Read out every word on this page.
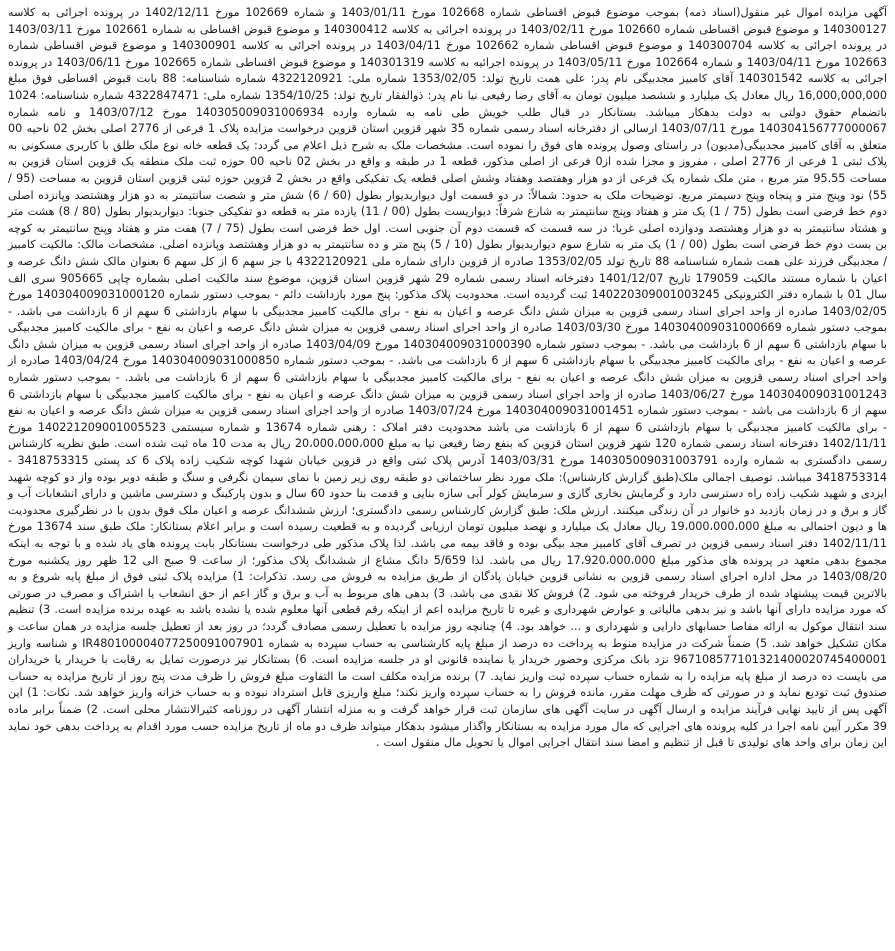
آگهی مزایده اموال غیر منقول(اسناد ذمه) بموجب موضوع قبوض اقساطی شماره 102668 مورخ 1403/01/11 و شماره 102669 مورخ 1402/12/11 در پرونده اجرائی به کلاسه 140300127 و موضوع قبوض اقساطی شماره 102660 مورخ 1403/02/11 در پرونده اجرائی به کلاسه 140300412 و موضوع قبوض اقساطی به شماره 102661 مورخ 1403/03/11 در پرونده اجرائی به کلاسه 140300704 و موضوع قبوض اقساطی شماره 102662 مورخ 1403/04/11 در پرونده اجرائی به کلاسه 140300901 و موضوع قبوض اقساطی شماره 102663 مورخ 1403/04/11 و شماره 102664 مورخ 1403/05/11 در پرونده اجرائیه به کلاسه 140301319 و موضوع قبوض اقساطی شماره 102665 مورخ 1403/06/11 در پرونده اجرائی به کلاسه 140301542 آقای کامبیز مجدبیگی نام پدر: علی همت تاریخ تولد: 1353/02/05 شماره ملی: 4322120921 شماره شناسنامه: 88 بابت قبوض اقساطی فوق مبلغ 16,000,000,000 ریال معادل یک میلیارد و ششصد میلیون تومان به آقای رضا رفیعی نیا نام پدر: ذوالفقار تاریخ تولد: 1354/10/25 شماره ملی: 4322847471 شماره شناسنامه: 1024 باتضمام حقوق دولتی به دولت بدهکار میباشد. بستانکار در قبال طلب خویش طی نامه به شماره وارده 140305009031006934 مورخ 1403/07/12 و نامه شماره 140304156777000067 مورخ 1403/07/11 ارسالی از دفترخانه اسناد رسمی شماره 35 شهر قزوین استان قزوین درخواست مزایده پلاک 1 فرعی از 2776 اصلی بخش 02 ناحیه 00 متعلق به آقای کامبیز مجدبیگی(مدیون) در راستای وصول پرونده های فوق را نموده است. مشخصات ملک به شرح ذیل اعلام می گردد: یک قطعه خانه نوع ملک طلق با کاربری مسکونی به پلاک ثبتی 1 فرعی از 2776 اصلی ، مفروز و مجزا شده از0 فرعی از اصلی مذکور، قطعه 1 در طبقه و واقع در بخش 02 ناحیه 00 حوزه ثبت ملک منطقه یک قزوین استان قزوین به مساحت 95.55 متر مربع ، متن ملک شماره یک فرعی از دو هزار وهفتصد وهفتاد وشش اصلی قطعه یک تفکیکی واقع در بخش 2 قزوین حوزه ثبتی قزوین استان قزوین به مساحت (95 / 55) نود وپنج متر و پنجاه وپنج دسیمتر مربع. توضیحات ملک به حدود: شمالاً: در دو قسمت اول دیواربدیوار بطول (60 / 6) شش متر و شصت سانتیمتر به دو هزار وهشتصد وپانزده اصلی دوم خط فرضی است بطول (75 / 1) یک متر و هفتاد وپنج سانتیمتر به شارع شرقاً: دیواریست بطول (00 / 11) یازده متر به قطعه دو تفکیکی جنوبا: دیواربدیوار بطول (80 / 8) هشت متر و هشتاد سانتیمتر به دو هزار وهشتصد ودوازده اصلی غربا: در سه قسمت که قسمت دوم آن جنوبی است. اول خط فرضی است بطول (75 / 7) هفت متر و هفتاد وپنج سانتیمتر به کوچه بن بست دوم خط فرضی است بطول (00 / 1) یک متر به شارع سوم دیواربدیوار بطول (10 / 5) پنج متر و ده سانتیمتر به دو هزار وهشتصد وپانزده اصلی. مشخصات مالک: مالکیت کامبیز / مجدبیگی فرزند علی همت شماره شناسنامه 88 تاریخ تولد 1353/02/05 صادره از قزوین دارای شماره ملی 4322120921 با جز سهم 6 از کل سهم 6 بعنوان مالک شش دانگ عرصه و اعیان با شماره مستند مالکیت 179059 تاریخ 1401/12/07 دفترخانه اسناد رسمی شماره 29 شهر قزوین استان قزوین، موضوع سند مالکیت اصلی بشماره چاپی 905665 سری الف سال 01 با شماره دفتر الکترونیکی 140220309001003245 ثبت گردیده است. محدودیت پلاک مذکور: پنج مورد بازداشت دائم - بموجب دستور شماره 140304009031000120 مورخ 1403/02/05 صادره از واحد اجرای اسناد رسمی قزوین به میزان شش دانگ عرصه و اعیان به نفع - برای مالکیت کامبیز مجدبیگی با سهام بازداشتی 6 سهم از 6 بازداشت می باشد. - بموجب دستور شماره 140304009031000669 مورخ 1403/03/30 صادره از واحد اجرای اسناد رسمی قزوین به میزان شش دانگ عرصه و اعیان به نفع - برای مالکیت کامبیز مجدبیگی با سهام بازداشتی 6 سهم از 6 بازداشت می باشد. - بموجب دستور شماره 140304009031000390 مورخ 1403/04/09 صادره از واحد اجرای اسناد رسمی قزوین به میزان شش دانگ عرصه و اعیان به نفع - برای مالکیت کامبیز مجدبیگی با سهام بازداشتی 6 سهم از 6 بازداشت می باشد. - بموجب دستور شماره 140304009031000850 مورخ 1403/04/24 صادره از واحد اجرای اسناد رسمی قزوین به میزان شش دانگ عرصه و اعیان به نفع - برای مالکیت کامبیز مجدبیگی با سهام بازداشتی 6 سهم از 6 بازداشت می باشد. - بموجب دستور شماره 140304009031001243 مورخ 1403/06/27 صادره از واحد اجرای اسناد رسمی قزوین به میزان شش دانگ عرصه و اعیان به نفع - برای مالکیت کامبیز مجدبیگی با سهام بازداشتی 6 سهم از 6 بازداشت می باشد - بموجب دستور شماره 140304009031001451 مورخ 1403/07/24 صادره از واحد اجرای اسناد رسمی قزوین به میزان شش دانگ عرصه و اعیان به نفع - برای مالکیت کامبیز مجدبیگی با سهام بازداشتی 6 سهم از 6 بازداشت می باشد محدودیت دفتر املاک : رهنی شماره 13674 و شماره سیستمی 140221209001005523 مورخ 1402/11/11 دفترخانه اسناد رسمی شماره 120 شهر قزوین استان قزوین که بنفع رضا رفیعی نیا به مبلغ 20،000،000،000 ریال به مدت 10 ماه ثبت شده است. طبق نظریه کارشناس رسمی دادگستری به شماره وارده 140305009031003791 مورخ 1403/03/31 آدرس پلاک ثبتی واقع در قزوین خیابان شهدا کوچه شکیب زاده پلاک 6 کد پستی 3418753315 - 3418753314 میباشد. توصیف اجمالی ملک(طبق گزارش کارشناس): ملک مورد نظر ساختمانی دو طبقه روی زیر زمین با نمای سیمان نگرفی و سنگ و طبقه دوبر بوده واز دو کوچه شهید ایزدی و شهید شکیب زاده راه دسترسی دارد و گرمایش بخاری گازی و سرمایش کولر آبی سازه بنایی و قدمت بنا حدود 60 سال و بدون پارکینگ و دسترسی ماشین و دارای انشعابات آب و گاز و برق و در زمان بازدید دو خانوار در آن زندگی میکنند. ارزش ملک: طبق گزارش کارشناس رسمی دادگستری؛ ارزش ششدانگ عرصه و اعیان ملک فوق بدون با در نظرگیری محدودیت ها و دیون احتمالی به مبلغ 19،000،000،000 ریال معادل یک میلیارد و نهصد میلیون تومان ارزیابی گردیده و به قطعیت رسیده است و برابر اعلام بستانکار: ملک طبق سند 13674 مورخ 1402/11/11 دفتر اسناد رسمی قزوین در تصرف آقای کامبیز مجد بیگی بوده و فاقد بیمه می باشد. لذا پلاک مذکور طی درخواست بستانکار بابت پرونده های یاد شده و با توجه به اینکه مجموع بدهی متعهد در پرونده های مذکور مبلغ 17،920،000،000 ریال می باشد. لذا 5/659 دانگ مشاع از ششدانگ پلاک مذکور؛ از ساعت 9 صبح الی 12 ظهر روز یکشنبه مورخ 1403/08/20 در محل اداره اجرای اسناد رسمی قزوین به نشانی قزوین خیابان پادگان از طریق مزایده به فروش می رسد. تذکرات: 1) مزایده پلاک ثبتی فوق از مبلغ پایه شروع و به بالاترین قیمت پیشنهاد شده از طرف خریدار فروخته می شود. 2) فروش کلا نقدی می باشد. 3) بدهی های مربوط به آب و برق و گاز اعم از حق انشعاب یا اشتراک و مصرف در صورتی که مورد مزایده دارای آنها باشد و نیز بدهی مالیاتی و عوارض شهرداری و غیره تا تاریخ مزایده اعم از اینکه رقم قطعی آنها معلوم شده یا نشده باشد به عهده برنده مزایده است. 3) تنظیم سند انتقال موکول به ارائه مفاصا حسابهای دارایی و شهرداری و ... خواهد بود. 4) چنانچه روز مزایده با تعطیل رسمی مصادف گردد؛ در روز بعد از تعطیل جلسه مزایده در همان ساعت و مکان تشکیل خواهد شد. 5) ضمناً شرکت در مزایده منوط به پرداخت ده درصد از مبلغ پایه کارشناسی به حساب سپرده به شماره IR480100004077250091007901 و شناسه واریز 967108577101321400020745400001 نزد بانک مرکزی وحضور خریدار یا نماینده قانونی او در جلسه مزایده است. 6) بستانکار نیز درصورت تمایل به رقابت با خریدار یا خریداران می بایست ده درصد از مبلغ پایه مزایده را به شماره حساب سپرده ثبت واریز نماید. 7) برنده مزایده مکلف است ما التفاوت مبلغ فروش را ظرف مدت پنج روز از تاریخ مزایده به حساب صندوق ثبت تودیع نماید و در صورتی که ظرف مهلت مقرر، مانده فروش را به حساب سپرده واریز نکند؛ مبلغ واریزی قابل استرداد نبوده و به حساب خزانه واریز خواهد شد. نکات: 1) این آگهی پس از تایید نهایی فرآیند مزایده و ارسال آگهی در سایت آگهی های سازمان ثبت قرار خواهد گرفت و به منزله انتشار آگهی در روزنامه کثیرالانتشار محلی است. 2) ضمناً برابر ماده 39 مکرر آیین نامه اجرا در کلیه پرونده های اجرایی که مال مورد مزایده به بستانکار واگذار میشود بدهکار میتواند ظرف دو ماه از تاریخ مزایده حسب مورد اقدام به پرداخت بدهی خود نماید این زمان برای واحد های تولیدی تا قبل از تنظیم و امضا سند انتقال اجرایی اموال یا تحویل مال منقول است .
